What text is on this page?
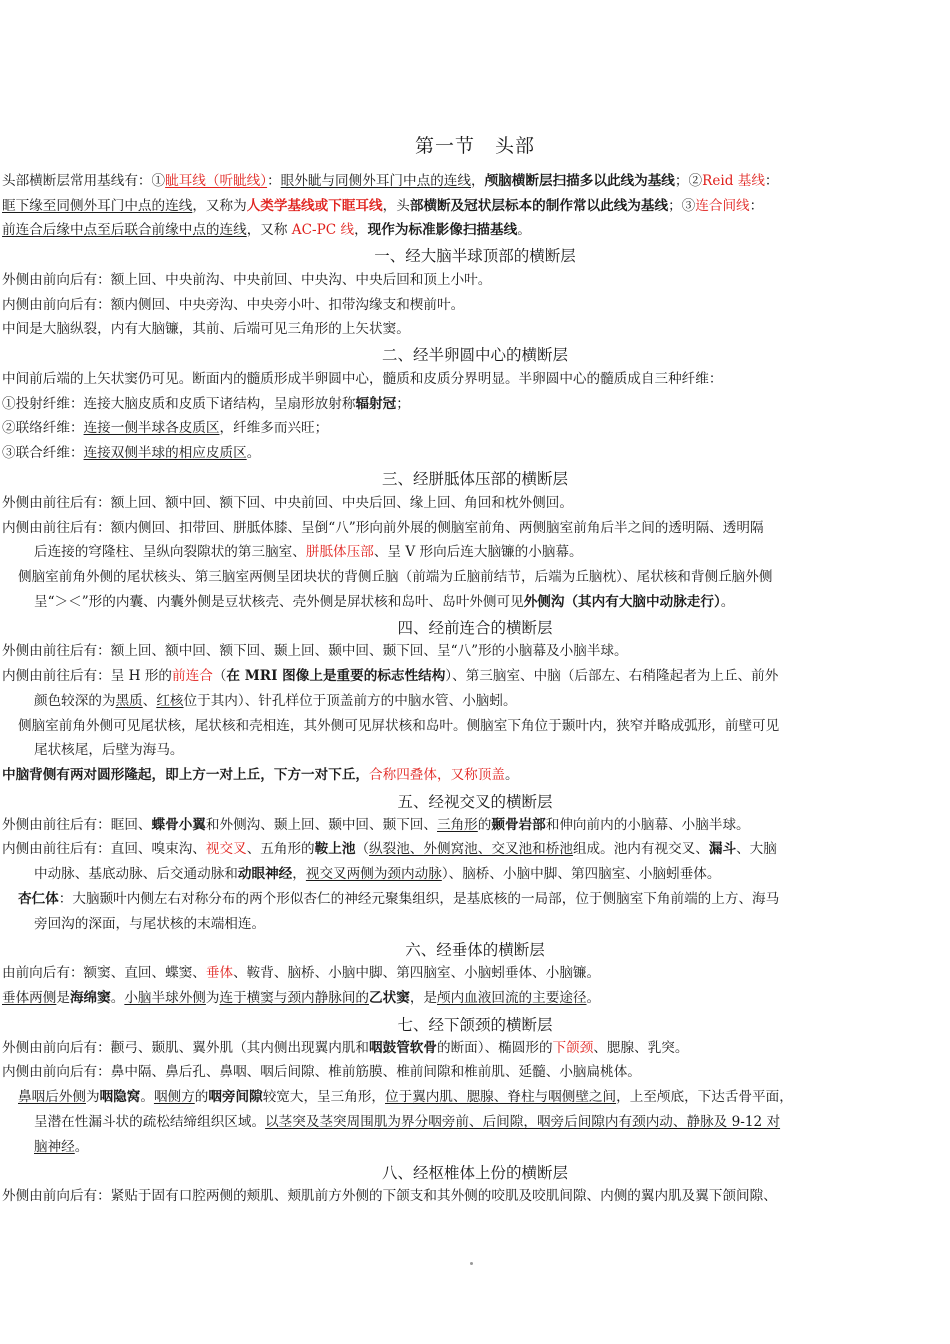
第一节　头部
头部横断层常用基线有：①眦耳线（听眦线）：眼外眦与同侧外耳门中点的连线，颅脑横断层扫描多以此线为基线；②Reid 基线：
眶下缘至同侧外耳门中点的连线，又称为人类学基线或下眶耳线，头部横断及冠状层标本的制作常以此线为基线；③连合间线：
前连合后缘中点至后联合前缘中点的连线，又称 AC-PC 线，现作为标准影像扫描基线。
一、经大脑半球顶部的横断层
外侧由前向后有：额上回、中央前沟、中央前回、中央沟、中央后回和顶上小叶。
内侧由前向后有：额内侧回、中央旁沟、中央旁小叶、扣带沟缘支和楔前叶。
中间是大脑纵裂，内有大脑镰，其前、后端可见三角形的上矢状窦。
二、经半卵圆中心的横断层
中间前后端的上矢状窦仍可见。断面内的髓质形成半卵圆中心，髓质和皮质分界明显。半卵圆中心的髓质成自三种纤维：
①投射纤维：连接大脑皮质和皮质下诸结构，呈扇形放射称辐射冠；
②联络纤维：连接一侧半球各皮质区，纤维多而兴旺；
③联合纤维：连接双侧半球的相应皮质区。
三、经胼胝体压部的横断层
外侧由前往后有：额上回、额中回、额下回、中央前回、中央后回、缘上回、角回和枕外侧回。
内侧由前往后有：额内侧回、扣带回、胼胝体膝、呈倒“八”形向前外展的侧脑室前角、两侧脑室前角后半之间的透明隔、透明隔
后连接的穹隆柱、呈纵向裂隙状的第三脑室、胼胝体压部、呈 V 形向后连大脑镰的小脑幕。
侧脑室前角外侧的尾状核头、第三脑室两侧呈团块状的背侧丘脑（前端为丘脑前结节，后端为丘脑枕）、尾状核和背侧丘脑外侧
呈“＞＜”形的内囊、内囊外侧是豆状核壳、壳外侧是屏状核和岛叶、岛叶外侧可见外侧沟（其内有大脑中动脉走行）。
四、经前连合的横断层
外侧由前往后有：额上回、额中回、额下回、颞上回、颞中回、颞下回、呈“八”形的小脑幕及小脑半球。
内侧由前往后有：呈 H 形的前连合（在 MRI 图像上是重要的标志性结构）、第三脑室、中脑（后部左、右稍隆起者为上丘、前外
颜色较深的为黑质、红核位于其内）、针孔样位于顶盖前方的中脑水管、小脑蚓。
侧脑室前角外侧可见尾状核，尾状核和壳相连，其外侧可见屏状核和岛叶。侧脑室下角位于颞叶内，狭窄并略成弧形，前壁可见
尾状核尾，后壁为海马。
中脑背侧有两对圆形隆起，即上方一对上丘，下方一对下丘，合称四叠体，又称顶盖。
五、经视交叉的横断层
外侧由前往后有：眶回、蝶骨小翼和外侧沟、颞上回、颞中回、颞下回、三角形的颞骨岩部和伸向前内的小脑幕、小脑半球。
内侧由前往后有：直回、嗅束沟、视交叉、五角形的鞍上池（纵裂池、外侧窝池、交叉池和桥池组成。池内有视交叉、漏斗、大脑
中动脉、基底动脉、后交通动脉和动眼神经，视交叉两侧为颈内动脉）、脑桥、小脑中脚、第四脑室、小脑蚓垂体。
杏仁体：大脑颞叶内侧左右对称分布的两个形似杏仁的神经元聚集组织，是基底核的一局部，位于侧脑室下角前端的上方、海马
旁回沟的深面，与尾状核的末端相连。
六、经垂体的横断层
由前向后有：额窦、直回、蝶窦、垂体、鞍背、脑桥、小脑中脚、第四脑室、小脑蚓垂体、小脑镰。
垂体两侧是海绵窦。小脑半球外侧为连于横窦与颈内静脉间的乙状窦，是颅内血液回流的主要途径。
七、经下颌颈的横断层
外侧由前向后有：颧弓、颞肌、翼外肌（其内侧出现翼内肌和咽鼓管软骨的断面）、椭圆形的下颌颈、腮腺、乳突。
内侧由前向后有：鼻中隔、鼻后孔、鼻咽、咽后间隙、椎前筋膜、椎前间隙和椎前肌、延髓、小脑扁桃体。
鼻咽后外侧为咽隐窝。咽侧方的咽旁间隙较宽大，呈三角形，位于翼内肌、腮腺、脊柱与咽侧壁之间，上至颅底，下达舌骨平面，
呈潜在性漏斗状的疏松结缔组织区域。以茎突及茎突周围肌为界分咽旁前、后间隙，咽旁后间隙内有颈内动、静脉及 9-12 对
脑神经。
八、经枢椎体上份的横断层
外侧由前向后有：紧贴于固有口腔两侧的颊肌、颊肌前方外侧的下颌支和其外侧的咬肌及咬肌间隙、内侧的翼内肌及翼下颌间隙、
